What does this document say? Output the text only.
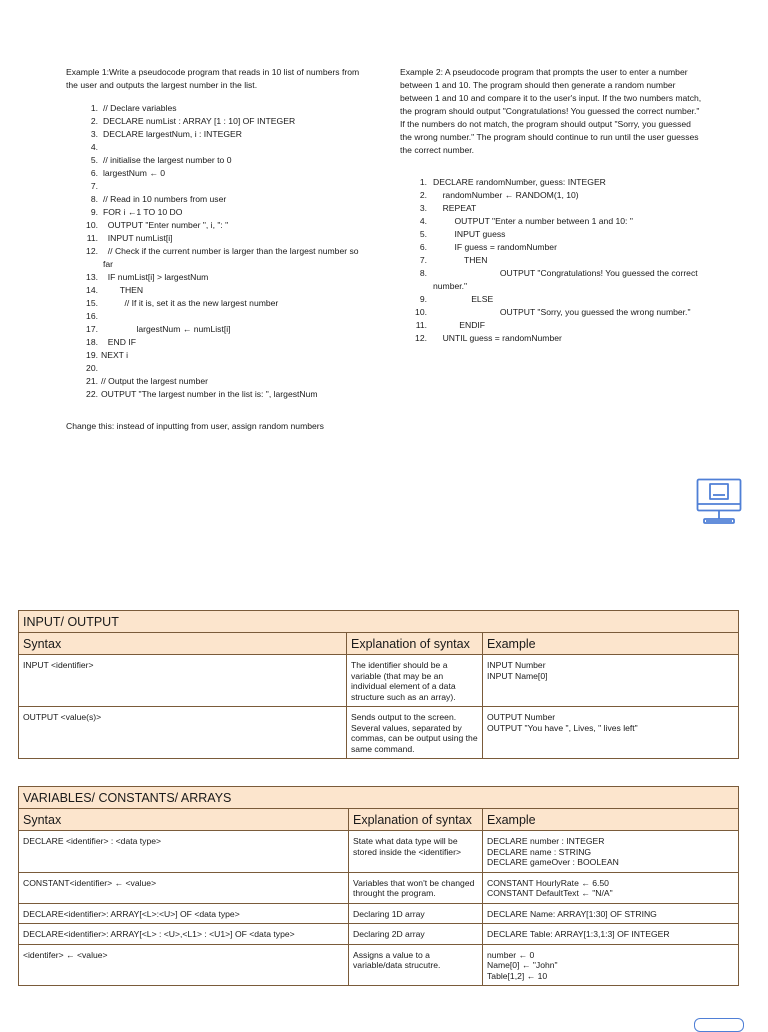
Example 1:Write a pseudocode program that reads in 10 list of numbers from the user and outputs the largest number in the list.

1. // Declare variables
2. DECLARE numList : ARRAY [1 : 10] OF INTEGER
3. DECLARE largestNum, i : INTEGER
4.
5. // initialise the largest number to 0
6. largestNum ← 0
7.
8. // Read in 10 numbers from user
9. FOR i ←1 TO 10 DO
10. OUTPUT "Enter number ", i, ": "
11. INPUT numList[i]
12. // Check if the current number is larger than the largest number so far
13. IF numList[i] > largestNum
14. THEN
15. // If it is, set it as the new largest number
16.
17. largestNum ← numList[i]
18. END IF
19. NEXT i
20.
21. // Output the largest number
22. OUTPUT "The largest number in the list is: ", largestNum

Change this: instead of inputting from user, assign random numbers

Example 2: A pseudocode program that prompts the user to enter a number between 1 and 10. The program should then generate a random number between 1 and 10 and compare it to the user's input. If the two numbers match, the program should output "Congratulations! You guessed the correct number." If the numbers do not match, the program should output "Sorry, you guessed the wrong number." The program should continue to run until the user guesses the correct number.

1. DECLARE randomNumber, guess: INTEGER
2. randomNumber ← RANDOM(1, 10)
3. REPEAT
4. OUTPUT "Enter a number between 1 and 10: "
5. INPUT guess
6. IF guess = randomNumber
7. THEN
8. OUTPUT "Congratulations! You guessed the correct number."
9. ELSE
10. OUTPUT "Sorry, you guessed the wrong number."
11. ENDIF
12. UNTIL guess = randomNumber
INPUT/ OUTPUT		
Syntax	Explanation of syntax	Example
INPUT <identifier>	The identifier should be a variable (that may be an individual element of a data structure such as an array).	INPUT Number
INPUT Name[0]
OUTPUT <value(s)>	Sends output to the screen. Several values, separated by commas, can be output using the same command.	OUTPUT Number
OUTPUT "You have ", Lives, " lives left"
VARIABLES/ CONSTANTS/ ARRAYS		
Syntax	Explanation of syntax	Example
DECLARE <identifier> : <data type>	State what data type will be stored inside the <identifier>	DECLARE number : INTEGER
DECLARE name : STRING
DECLARE gameOver : BOOLEAN
CONSTANT<identifier> ← <value>	Variables that won't be changed throught the program.	CONSTANT HourlyRate ← 6.50
CONSTANT DefaultText ← "N/A"
DECLARE<identifier>: ARRAY[<L>:<U>] OF <data type>	Declaring 1D array	DECLARE Name: ARRAY[1:30] OF STRING
DECLARE<identifier>: ARRAY[<L> : <U>,<L1> : <U1>] OF <data type>	Declaring 2D array	DECLARE Table: ARRAY[1:3,1:3] OF INTEGER
<identifer> ← <value>	Assigns a value to a variable/data strucutre.	number ← 0
Name[0] ← "John"
Table[1,2] ← 10
